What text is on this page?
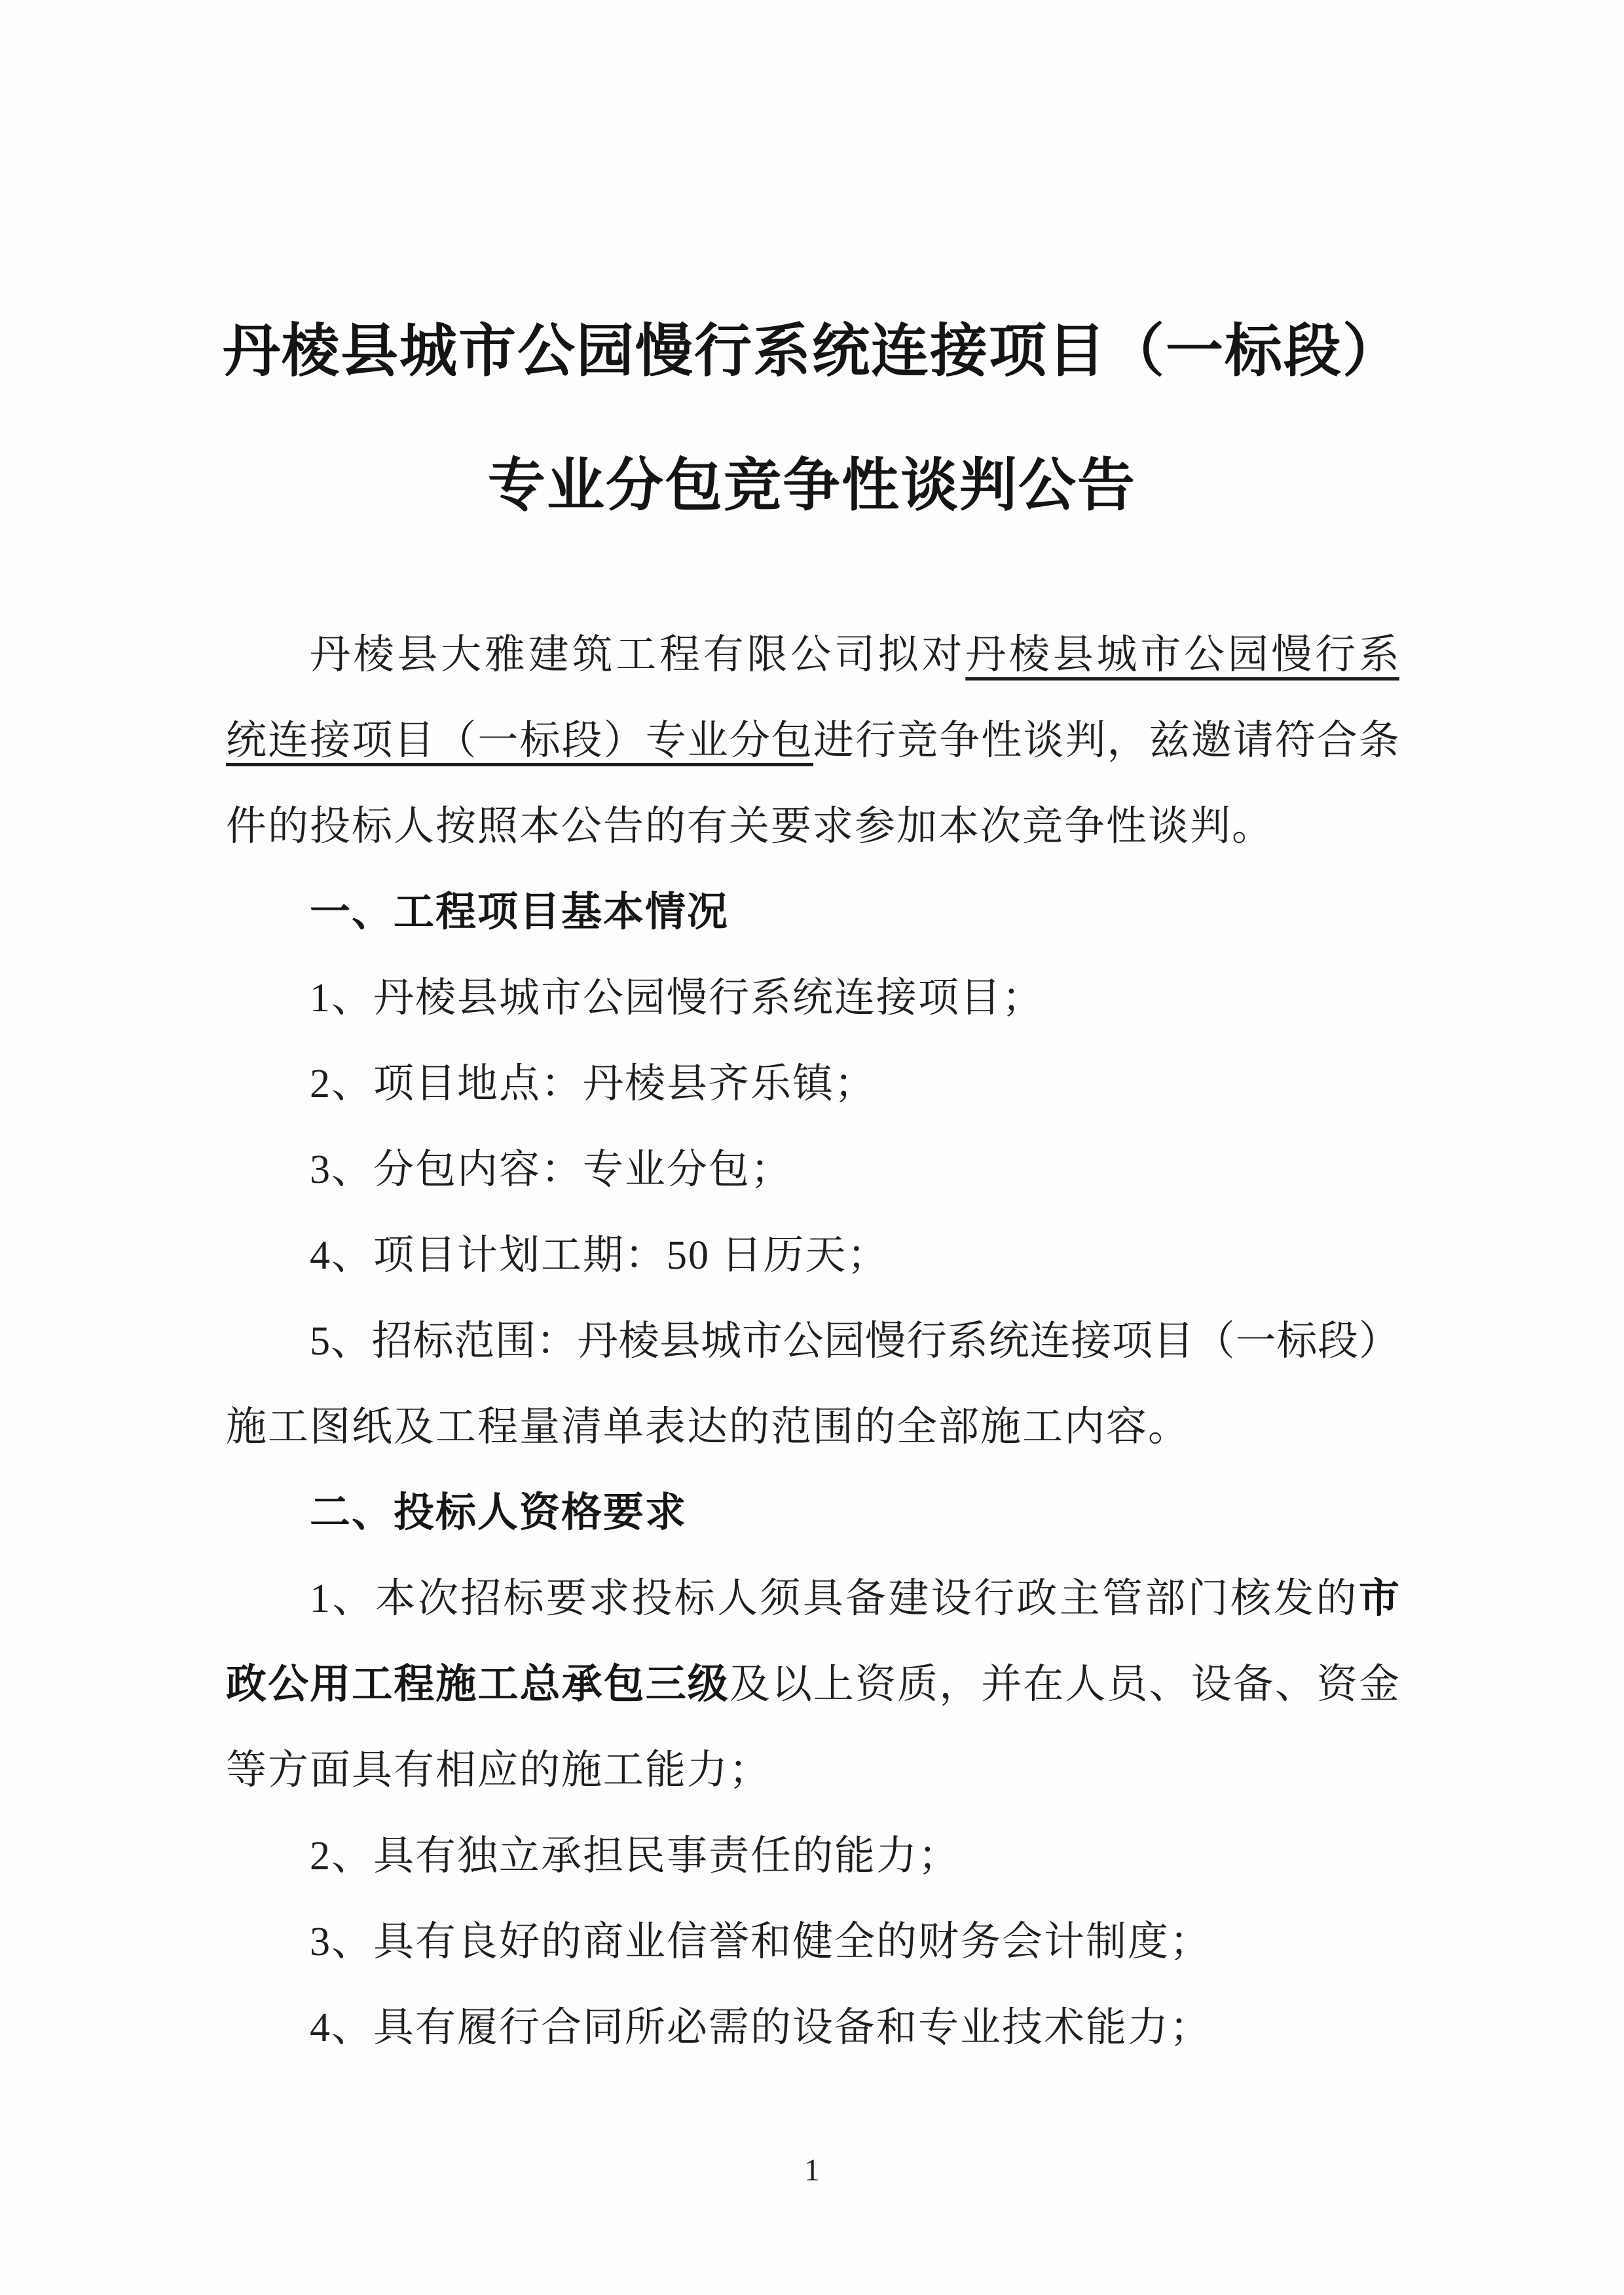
丹棱县城市公园慢行系统连接项目（一标段）
专业分包竞争性谈判公告

丹棱县大雅建筑工程有限公司拟对丹棱县城市公园慢行系

统连接项目（一标段）专业分包进行竞争性谈判，兹邀请符合条

件的投标人按照本公告的有关要求参加本次竞争性谈判。

一、工程项目基本情况

1、丹棱县城市公园慢行系统连接项目；

2、项目地点：丹棱县齐乐镇；

3、分包内容：专业分包；

4、项目计划工期：50 日历天；

5、招标范围：丹棱县城市公园慢行系统连接项目（一标段）

施工图纸及工程量清单表达的范围的全部施工内容。

二、投标人资格要求

1、本次招标要求投标人须具备建设行政主管部门核发的市

政公用工程施工总承包三级及以上资质，并在人员、设备、资金

等方面具有相应的施工能力；

2、具有独立承担民事责任的能力；

3、具有良好的商业信誉和健全的财务会计制度；

4、具有履行合同所必需的设备和专业技术能力；

1
